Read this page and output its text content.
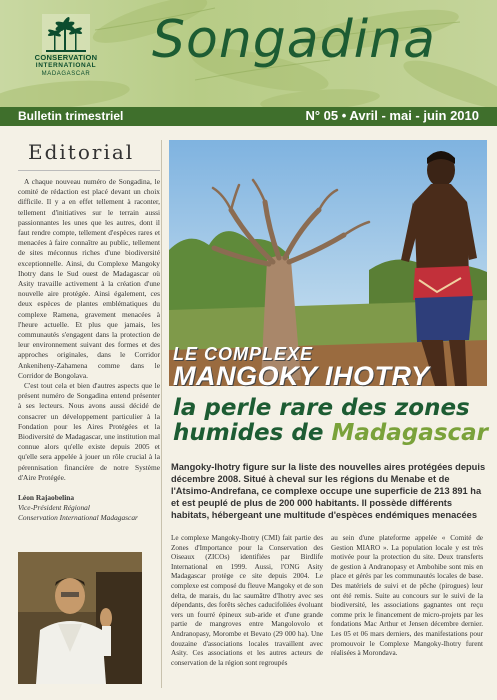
CONSERVATION
INTERNATIONAL
MADAGASCAR
Songadina
Bulletin trimestriel	N° 05 • Avril - mai - juin 2010
Editorial

A chaque nouveau numéro de Songadina, le comité de rédaction est placé devant un choix difficile. Il y a en effet tellement à raconter, tellement d'initiatives sur le terrain aussi passionnantes les unes que les autres, dont il faut rendre compte, tellement d'espèces rares et menacées à faire connaître au public, tellement de sites méconnus riches d'une biodiversité exceptionnelle. Ainsi, du Complexe Mangoky Ihotry dans le Sud ouest de Madagascar où Asity travaille activement à la création d'une nouvelle aire protégée. Ainsi également, ces deux espèces de plantes emblématiques du complexe Ramena, gravement menacées à l'heure actuelle. Et plus que jamais, les communautés s'engagent dans la protection de leur environnement suivant des formes et des approches originales, dans le Corridor Ankeniheny-Zahamena comme dans le Corridor de Bongolava.

C'est tout cela et bien d'autres aspects que le présent numéro de Songadina entend présenter à ses lecteurs. Nous avons aussi décidé de consacrer un développement particulier à la Fondation pour les Aires Protégées et la Biodiversité de Madagascar, une institution mal connue alors qu'elle existe depuis 2005 et qu'elle sera appelée à jouer un rôle crucial à la pérennisation financière de notre Système d'Aire Protégée.

Léon Rajaobelina
Vice-Président Régional
Conservation International Madagascar
LE COMPLEXE
MANGOKY IHOTRY
la perle rare des zones
humides de Madagascar
Mangoky-Ihotry figure sur la liste des nouvelles aires protégées depuis décembre 2008. Situé à cheval sur les régions du Menabe et de l'Atsimo-Andrefana, ce complexe occupe une superficie de 213 891 ha et est peuplé de plus de 200 000 habitants. Il possède différents habitats, hébergeant une multitude d'espèces endémiques menacées

Le complexe Mangoky-Ihotry (CMI) fait partie des Zones d'Importance pour la Conservation des Oiseaux (ZICOs) identifiées par Birdlife International en 1999. Aussi, l'ONG Asity Madagascar protège ce site depuis 2004. Le complexe est composé du fleuve Mangoky et de son delta, de marais, du lac saumâtre d'Ihotry avec ses dépendants, des forêts sèches caducifoliées évoluant vers un fourré épineux sub-aride et d'une grande partie de mangroves entre Mangolovolo et Andranopasy, Morombe et Bevato (29 000 ha). Une douzaine d'associations locales travaillent avec Asity. Ces associations et les autres acteurs de conservation de la région sont regroupés

au sein d'une plateforme appelée « Comité de Gestion MIARO ». La population locale y est très motivée pour la protection du site. Deux transferts de gestion à Andranopasy et Ambohibe sont mis en place et gérés par les communautés locales de base. Des matériels de suivi et de pêche (pirogues) leur ont été remis. Suite au concours sur le suivi de la biodiversité, les associations gagnantes ont reçu comme prix le financement de micro-projets par les fondations Mac Arthur et Jensen décembre dernier. Les 05 et 06 mars derniers, des manifestations pour promouvoir le Complexe Mangoky-Ihotry furent réalisées à Morondava.
